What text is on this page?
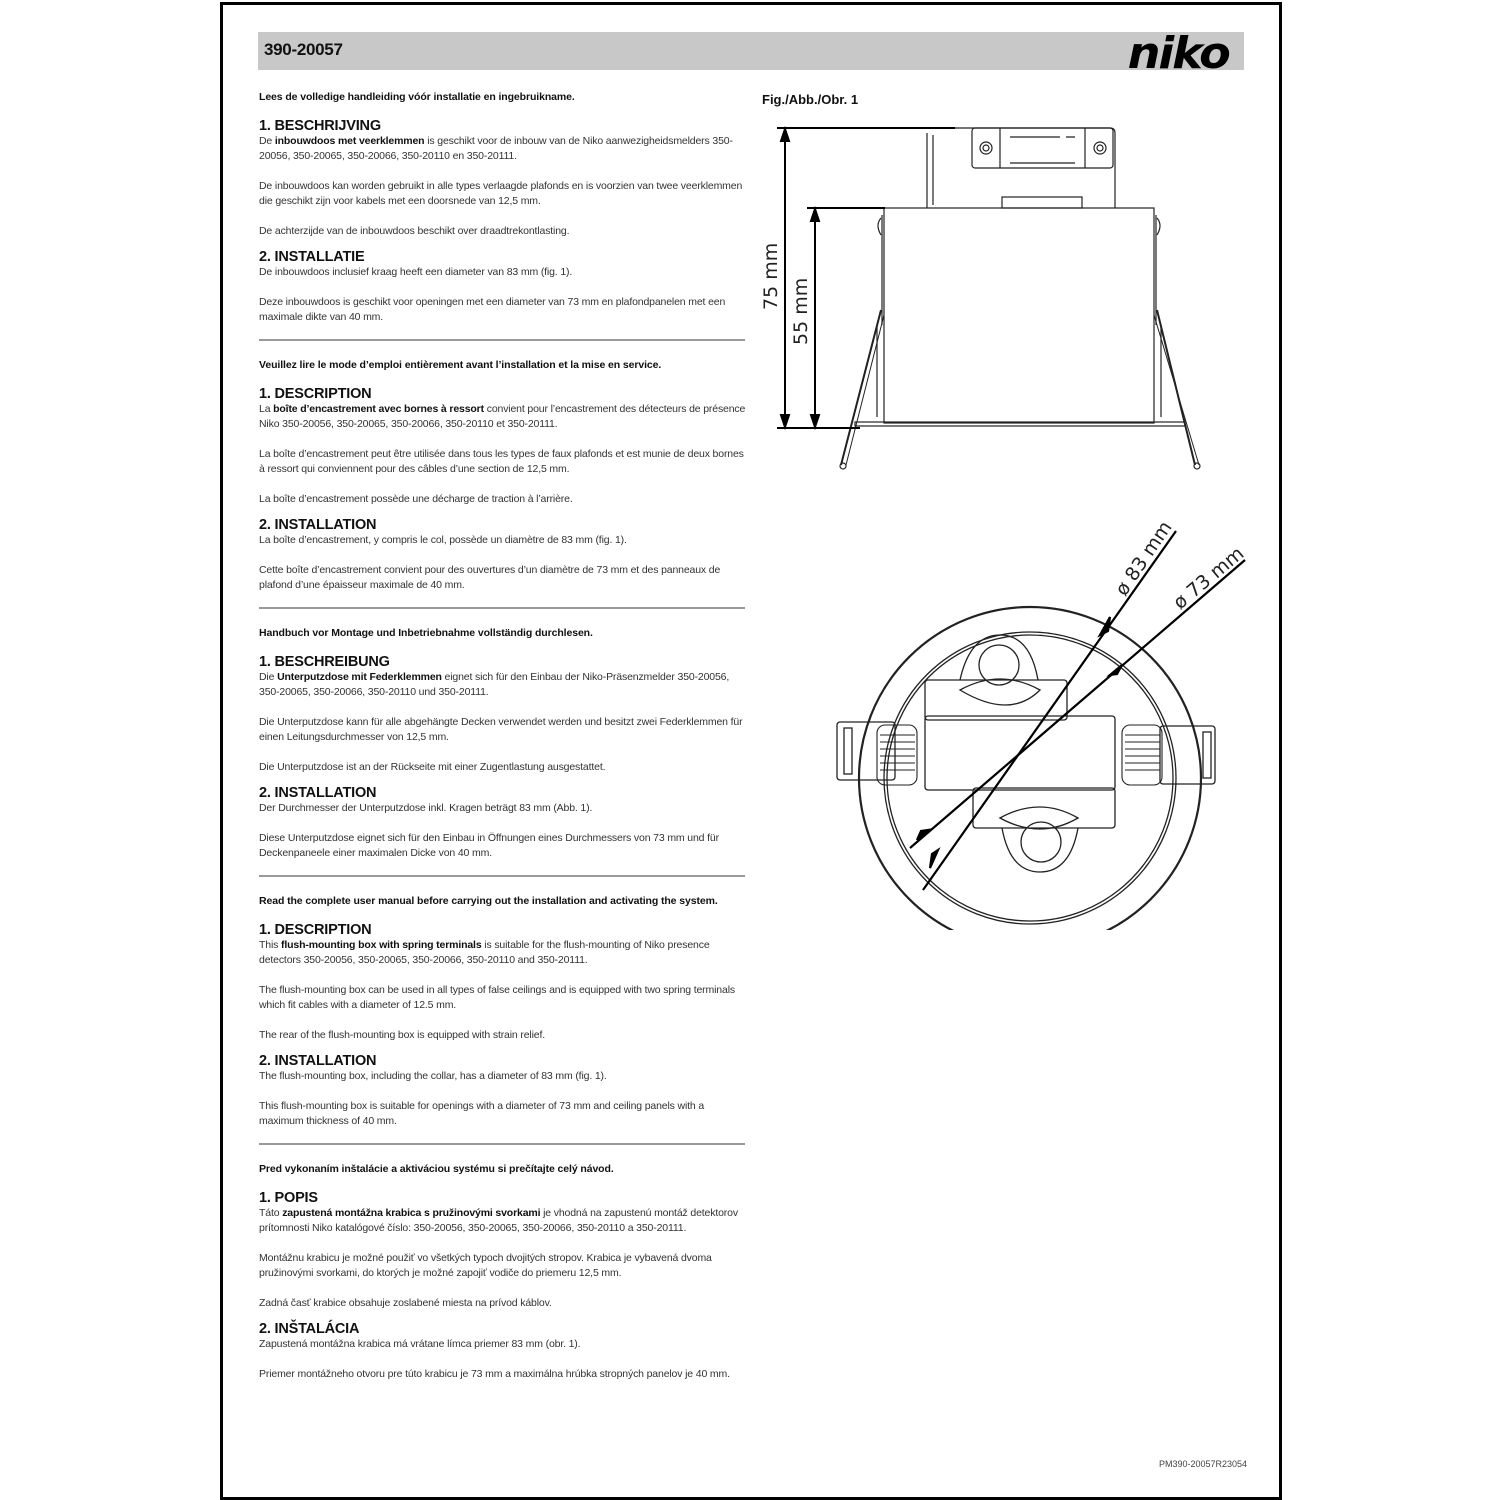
390-20057	niko
Lees de volledige handleiding vóór installatie en ingebruikname.
1. BESCHRIJVING

De inbouwdoos met veerklemmen is geschikt voor de inbouw van de Niko aanwezigheidsmelders 350-20056, 350-20065, 350-20066, 350-20110 en 350-20111.

De inbouwdoos kan worden gebruikt in alle types verlaagde plafonds en is voorzien van twee veerklemmen die geschikt zijn voor kabels met een doorsnede van 12,5 mm.

De achterzijde van de inbouwdoos beschikt over draadtrekontlasting.

2. INSTALLATIE

De inbouwdoos inclusief kraag heeft een diameter van 83 mm (fig. 1).

Deze inbouwdoos is geschikt voor openingen met een diameter van 73 mm en plafondpanelen met een maximale dikte van 40 mm.

Veuillez lire le mode d’emploi entièrement avant l’installation et la mise en service.
1. DESCRIPTION

La boîte d’encastrement avec bornes à ressort convient pour l’encastrement des détecteurs de présence Niko 350-20056, 350-20065, 350-20066, 350-20110 et 350-20111.

La boîte d’encastrement peut être utilisée dans tous les types de faux plafonds et est munie de deux bornes à ressort qui conviennent pour des câbles d’une section de 12,5 mm.

La boîte d’encastrement possède une décharge de traction à l’arrière.

2. INSTALLATION

La boîte d’encastrement, y compris le col, possède un diamètre de 83 mm (fig. 1).

Cette boîte d’encastrement convient pour des ouvertures d’un diamètre de 73 mm et des panneaux de plafond d’une épaisseur maximale de 40 mm.

Handbuch vor Montage und Inbetriebnahme vollständig durchlesen.
1. BESCHREIBUNG

Die Unterputzdose mit Federklemmen eignet sich für den Einbau der Niko-Präsenzmelder 350-20056, 350-20065, 350-20066, 350-20110 und 350-20111.

Die Unterputzdose kann für alle abgehängte Decken verwendet werden und besitzt zwei Federklemmen für einen Leitungsdurchmesser von 12,5 mm.

Die Unterputzdose ist an der Rückseite mit einer Zugentlastung ausgestattet.

2. INSTALLATION

Der Durchmesser der Unterputzdose inkl. Kragen beträgt 83 mm (Abb. 1).

Diese Unterputzdose eignet sich für den Einbau in Öffnungen eines Durchmessers von 73 mm und für Deckenpaneele einer maximalen Dicke von 40 mm.

Read the complete user manual before carrying out the installation and activating the system.
1. DESCRIPTION

This flush-mounting box with spring terminals is suitable for the flush-mounting of Niko presence detectors 350-20056, 350-20065, 350-20066, 350-20110 and 350-20111.

The flush-mounting box can be used in all types of false ceilings and is equipped with two spring terminals which fit cables with a diameter of 12.5 mm.

The rear of the flush-mounting box is equipped with strain relief.

2. INSTALLATION

The flush-mounting box, including the collar, has a diameter of 83 mm (fig. 1).

This flush-mounting box is suitable for openings with a diameter of 73 mm and ceiling panels with a maximum thickness of 40 mm.

Pred vykonaním inštalácie a aktiváciou systému si prečítajte celý návod.
1. POPIS

Táto zapustená montážna krabica s pružinovými svorkami je vhodná na zapustenú montáž detektorov prítomnosti Niko katalógové číslo: 350-20056, 350-20065, 350-20066, 350-20110 a 350-20111.

Montážnu krabicu je možné použiť vo všetkých typoch dvojitých stropov. Krabica je vybavená dvoma pružinovými svorkami, do ktorých je možné zapojiť vodiče do priemeru 12,5 mm.

Zadná časť krabice obsahuje zoslabené miesta na prívod káblov.

2. INŠTALÁCIA

Zapustená montážna krabica má vrátane límca priemer 83 mm (obr. 1).

Priemer montážneho otvoru pre túto krabicu je 73 mm a maximálna hrúbka stropných panelov je 40 mm.

Fig./Abb./Obr. 1
75 mm
55 mm
ø 83 mm
ø 73 mm
PM390-20057R23054
